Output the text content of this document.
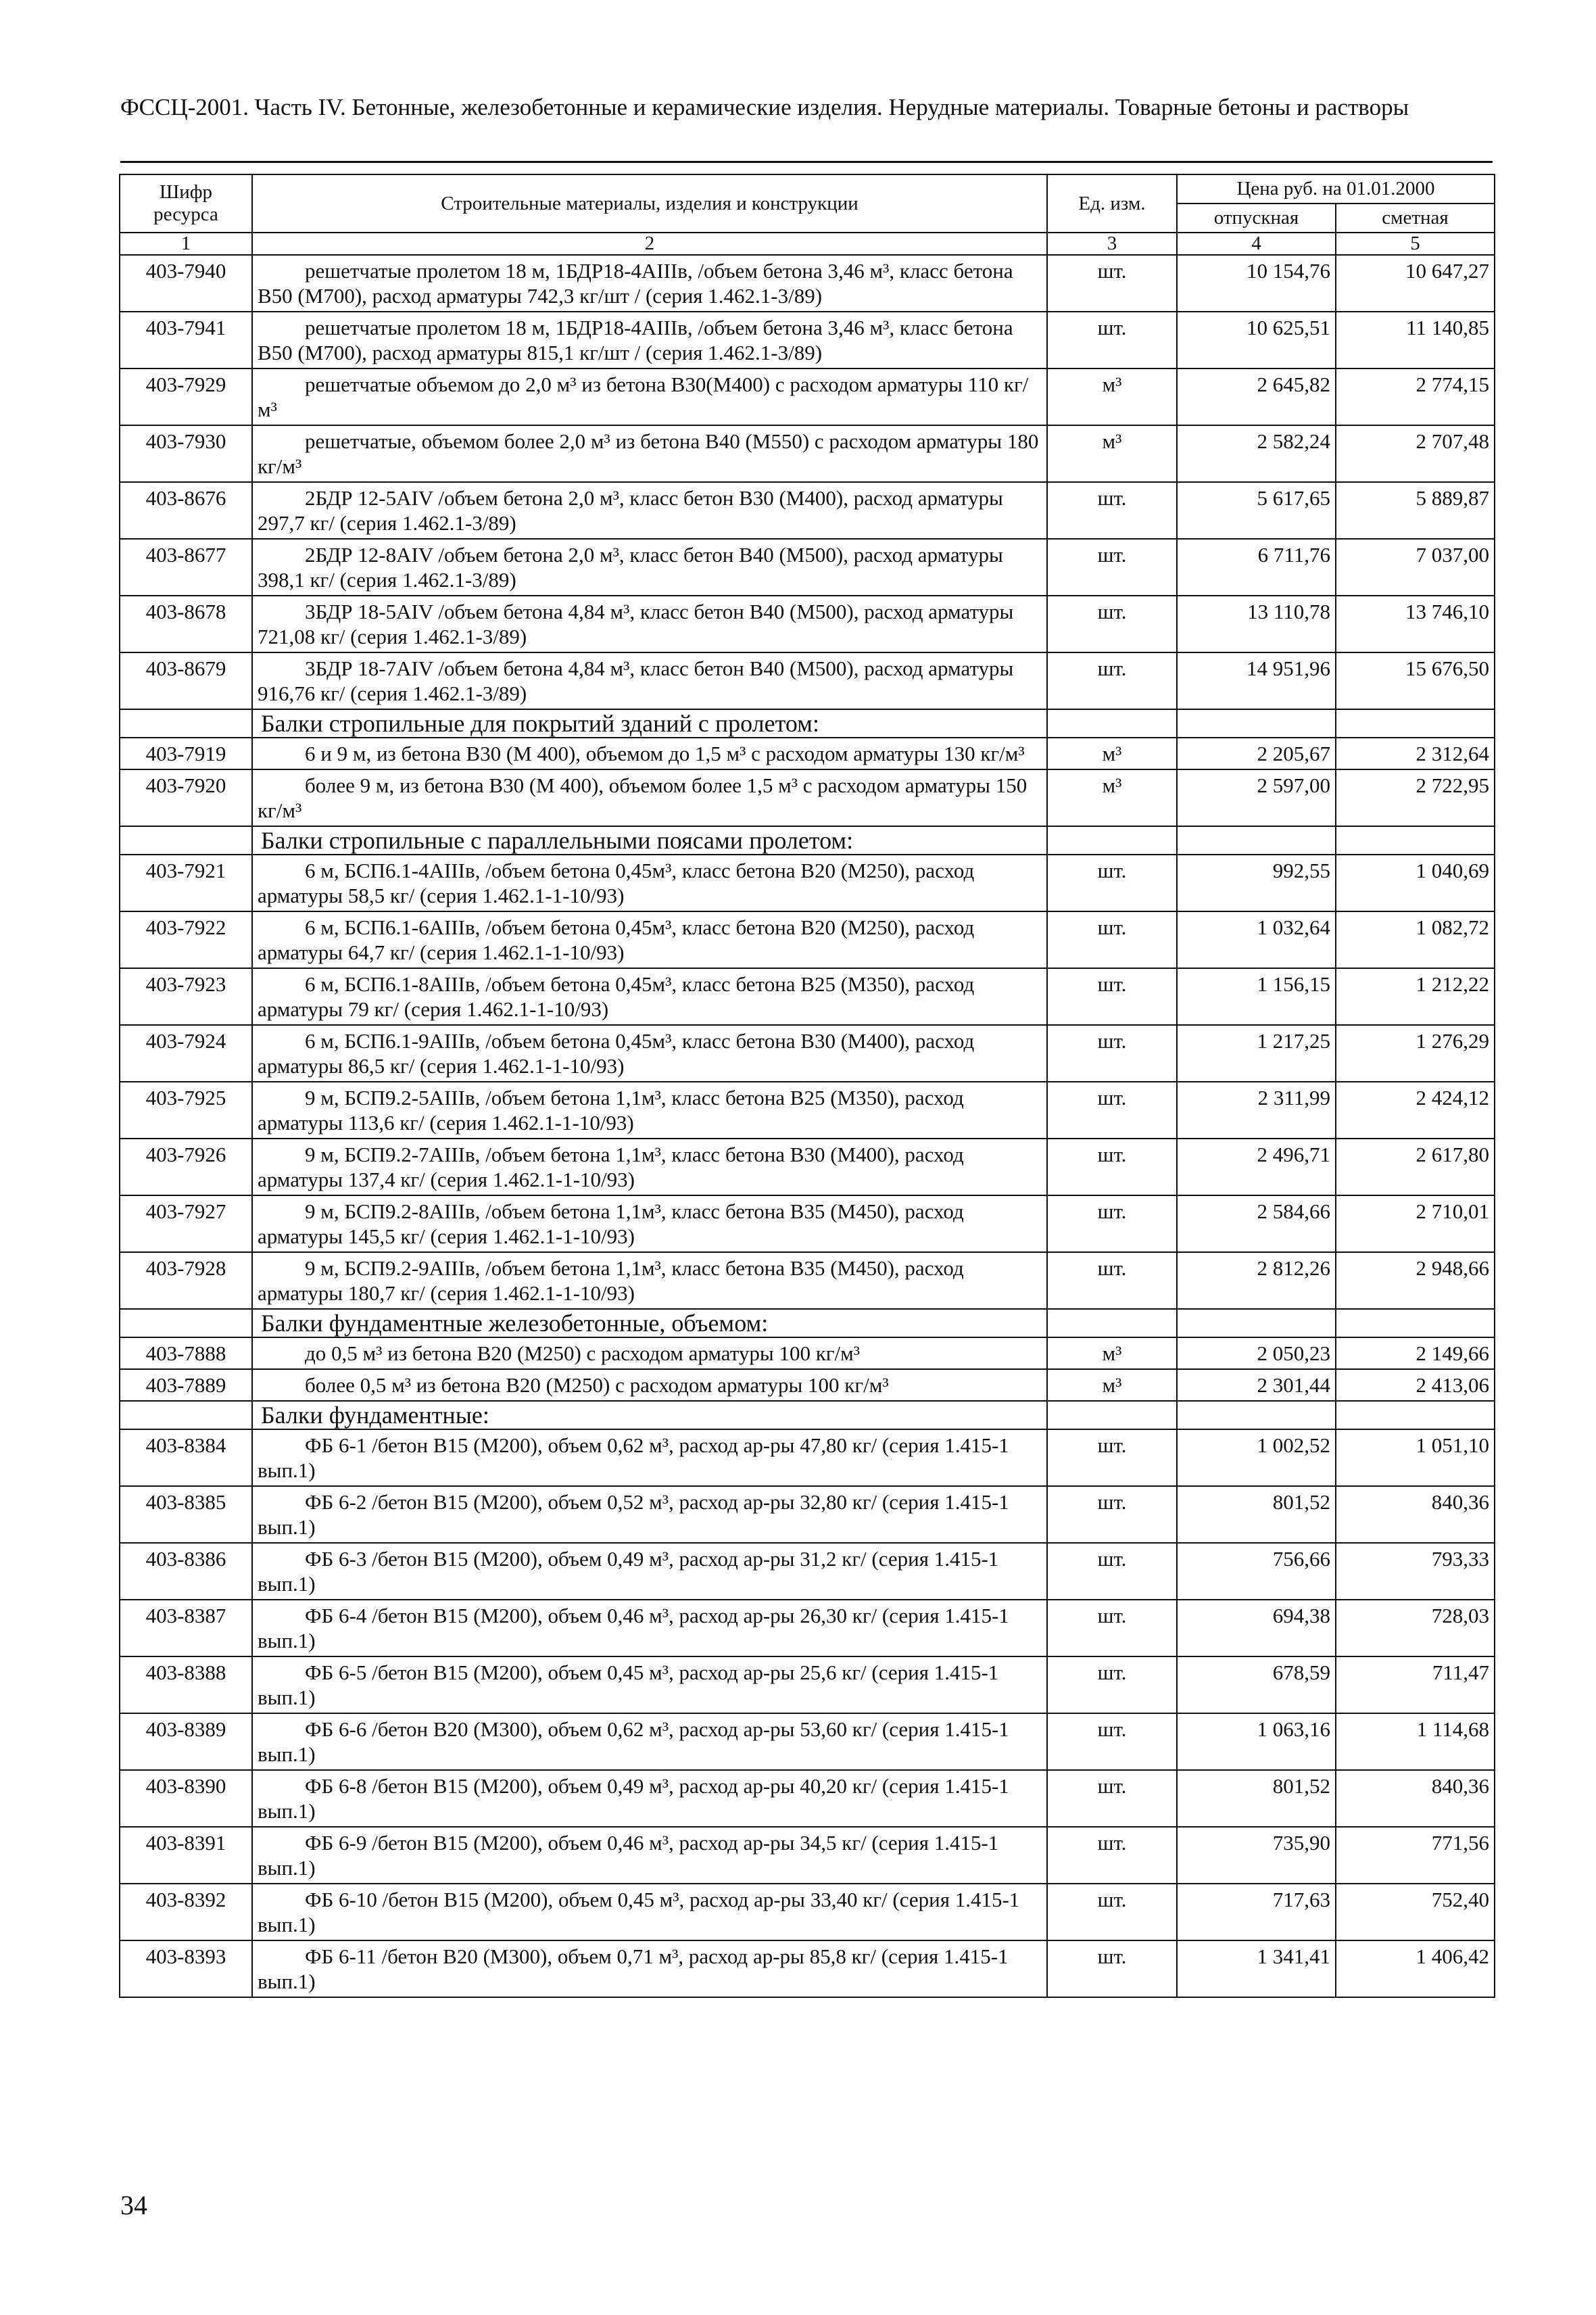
ФССЦ-2001. Часть IV. Бетонные, железобетонные и керамические изделия. Нерудные материалы. Товарные бетоны и растворы
Шифр ресурса	Строительные материалы, изделия и конструкции	Ед. изм.	Цена руб. на 01.01.2000	
			отпускная	сметная
1	2	3	4	5
403-7940	решетчатые пролетом 18 м, 1БДР18-4АIIIв, /объем бетона 3,46 м³, класс бетона В50 (М700), расход арматуры 742,3 кг/шт / (серия 1.462.1-3/89)	шт.	10 154,76	10 647,27
403-7941	решетчатые пролетом 18 м, 1БДР18-4АIIIв, /объем бетона 3,46 м³, класс бетона В50 (М700), расход арматуры 815,1 кг/шт / (серия 1.462.1-3/89)	шт.	10 625,51	11 140,85
403-7929	решетчатые объемом до 2,0 м³ из бетона В30(М400) с расходом арматуры 110 кг/м³	м³	2 645,82	2 774,15
403-7930	решетчатые, объемом более 2,0 м³ из бетона В40 (М550) с расходом арматуры 180 кг/м³	м³	2 582,24	2 707,48
403-8676	2БДР 12-5АIV /объем бетона 2,0 м³, класс бетон В30 (М400), расход арматуры 297,7 кг/ (серия 1.462.1-3/89)	шт.	5 617,65	5 889,87
403-8677	2БДР 12-8АIV /объем бетона 2,0 м³, класс бетон В40 (М500), расход арматуры 398,1 кг/ (серия 1.462.1-3/89)	шт.	6 711,76	7 037,00
403-8678	3БДР 18-5АIV /объем бетона 4,84 м³, класс бетон В40 (М500), расход арматуры 721,08 кг/ (серия 1.462.1-3/89)	шт.	13 110,78	13 746,10
403-8679	3БДР 18-7АIV /объем бетона 4,84 м³, класс бетон В40 (М500), расход арматуры 916,76 кг/ (серия 1.462.1-3/89)	шт.	14 951,96	15 676,50
	Балки стропильные для покрытий зданий с пролетом:			
403-7919	6 и 9 м, из бетона В30 (М 400), объемом до 1,5 м³ с расходом арматуры 130 кг/м³	м³	2 205,67	2 312,64
403-7920	более 9 м, из бетона В30 (М 400), объемом более 1,5 м³ с расходом арматуры 150 кг/м³	м³	2 597,00	2 722,95
	Балки стропильные с параллельными поясами пролетом:			
403-7921	6 м, БСП6.1-4АIIIв, /объем бетона 0,45м³, класс бетона В20 (М250), расход арматуры 58,5 кг/ (серия 1.462.1-1-10/93)	шт.	992,55	1 040,69
403-7922	6 м, БСП6.1-6АIIIв, /объем бетона 0,45м³, класс бетона В20 (М250), расход арматуры 64,7 кг/ (серия 1.462.1-1-10/93)	шт.	1 032,64	1 082,72
403-7923	6 м, БСП6.1-8АIIIв, /объем бетона 0,45м³, класс бетона В25 (М350), расход арматуры 79 кг/ (серия 1.462.1-1-10/93)	шт.	1 156,15	1 212,22
403-7924	6 м, БСП6.1-9АIIIв, /объем бетона 0,45м³, класс бетона В30 (М400), расход арматуры 86,5 кг/ (серия 1.462.1-1-10/93)	шт.	1 217,25	1 276,29
403-7925	9 м, БСП9.2-5АIIIв, /объем бетона 1,1м³, класс бетона В25 (М350), расход арматуры 113,6 кг/ (серия 1.462.1-1-10/93)	шт.	2 311,99	2 424,12
403-7926	9 м, БСП9.2-7АIIIв, /объем бетона 1,1м³, класс бетона В30 (М400), расход арматуры 137,4 кг/ (серия 1.462.1-1-10/93)	шт.	2 496,71	2 617,80
403-7927	9 м, БСП9.2-8АIIIв, /объем бетона 1,1м³, класс бетона В35 (М450), расход арматуры 145,5 кг/ (серия 1.462.1-1-10/93)	шт.	2 584,66	2 710,01
403-7928	9 м, БСП9.2-9АIIIв, /объем бетона 1,1м³, класс бетона В35 (М450), расход арматуры 180,7 кг/ (серия 1.462.1-1-10/93)	шт.	2 812,26	2 948,66
	Балки фундаментные железобетонные, объемом:			
403-7888	до 0,5 м³ из бетона В20 (М250) с расходом арматуры 100 кг/м³	м³	2 050,23	2 149,66
403-7889	более 0,5 м³ из бетона В20 (М250) с расходом арматуры 100 кг/м³	м³	2 301,44	2 413,06
	Балки фундаментные:			
403-8384	ФБ 6-1 /бетон В15 (М200), объем 0,62 м³, расход ар-ры 47,80 кг/ (серия 1.415-1 вып.1)	шт.	1 002,52	1 051,10
403-8385	ФБ 6-2 /бетон В15 (М200), объем 0,52 м³, расход ар-ры 32,80 кг/ (серия 1.415-1 вып.1)	шт.	801,52	840,36
403-8386	ФБ 6-3 /бетон В15 (М200), объем 0,49 м³, расход ар-ры 31,2 кг/ (серия 1.415-1 вып.1)	шт.	756,66	793,33
403-8387	ФБ 6-4 /бетон В15 (М200), объем 0,46 м³, расход ар-ры 26,30 кг/ (серия 1.415-1 вып.1)	шт.	694,38	728,03
403-8388	ФБ 6-5 /бетон В15 (М200), объем 0,45 м³, расход ар-ры 25,6 кг/ (серия 1.415-1 вып.1)	шт.	678,59	711,47
403-8389	ФБ 6-6 /бетон В20 (М300), объем 0,62 м³, расход ар-ры 53,60 кг/ (серия 1.415-1 вып.1)	шт.	1 063,16	1 114,68
403-8390	ФБ 6-8 /бетон В15 (М200), объем 0,49 м³, расход ар-ры 40,20 кг/ (серия 1.415-1 вып.1)	шт.	801,52	840,36
403-8391	ФБ 6-9 /бетон В15 (М200), объем 0,46 м³, расход ар-ры 34,5 кг/ (серия 1.415-1 вып.1)	шт.	735,90	771,56
403-8392	ФБ 6-10 /бетон В15 (М200), объем 0,45 м³, расход ар-ры 33,40 кг/ (серия 1.415-1 вып.1)	шт.	717,63	752,40
403-8393	ФБ 6-11 /бетон В20 (М300), объем 0,71 м³, расход ар-ры 85,8 кг/ (серия 1.415-1 вып.1)	шт.	1 341,41	1 406,42
34
